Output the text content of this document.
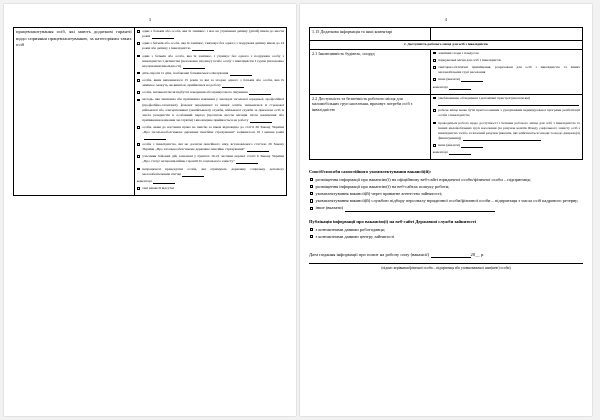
3
працевлаштування осіб, які мають додаткові гарантії щодо сприяння працевлаштуванню, за категоріями таких осіб

один з батьків або особа, яка їх замінює, і має на утриманні дитину (дітей) віком до шести років
один з батьків або особа, яка їх замінює, і виховує без одного з подружжя дитину віком до 14 років або дитину з інвалідністю
один з батьків або особа, яка їх замінює, і утримує без одного з подружжя особу з інвалідністю з дитинства (незалежно від віку) та/або особу з інвалідністю I групи (незалежно від причини інвалідності)
діти-сироти та діти, позбавлені батьківського піклування
особи, яким виповнилося 15 років та які за згодою одного з батьків або особи, яка їх замінює, можуть, як виняток, прийматися на роботу
особи, звільнені після відбуття покарання або примусового лікування
молодь, яка закінчила або припинила навчання у закладах загальної середньої, професійної (професійно-технічної), фахової передвищої та вищої освіти, звільнилася зі строкової військової або альтернативної (невійськової) служби, військової служби за призовом осіб із числа резервістів в особливий період (протягом шести місяців після закінчення або припинення навчання чи служби) і яка вперше приймається на роботу
особи, яким до настання права на пенсію за віком відповідно до статті 26 Закону України „Про загальнообов’язкове державне пенсійне страхування” залишилося 10 і менше років
особи з інвалідністю, які не досягли пенсійного віку, встановленого статтею 26 Закону України „Про загальнообов’язкове державне пенсійне страхування”
учасники бойових дій, зазначені у пунктах 19-21 частини першої статті 6 Закону України „Про статус ветеранів війни, гарантії їх соціального захисту”
непрацюючі працездатні особи, які отримують державну соціальну допомогу малозабезпеченим сім’ям
коментарі
такі вакансії відсутні
4
1.15 Додаткова інформація та інші коментарі	

2. Доступність робочого місця для осіб з інвалідністю	

2.1 Інклюзивність будівель, споруд	зовнішні сходи з пандусом
паркувальні місця для осіб з інвалідністю
санітарно-гігієнічні приміщення, розраховані для осіб з інвалідністю та інших маломобільних груп населення
інше (вказати)
коментарі

2.2 Доступність та безпечність робочого місця для маломобільних груп населення, враховує потреби осіб з інвалідністю

умеблювання, обладнання і допоміжні пристрої (вказати які)
робоче місце може бути пристосованим з урахуванням індивідуальної програми реабілітації особи з інвалідністю
проводиться робота щодо доступності і безпеки робочого місця для осіб з інвалідністю та інших маломобільних груп населення (за рахунок коштів Фонду соціального захисту осіб з інвалідністю та/або за власний рахунок (вказати, які здійснюється заходи та щодо джерела(л) фінансування))
інше (вказати)
коментарі
Спосіб/способи самостійного укомплектування вакансії(й):
розміщення інформації про вакансію(ї) на офіційному веб-сайті юридичної особи/фізичної особи – підприємця;
розміщення інформації про вакансію(ї) на веб-сайтах пошуку роботи;
укомплектування вакансії(й) через приватне агентство зайнятості;
укомплектування вакансії(й) службою підбору персоналу юридичної особи/фізичної особи – підприємця з числа осіб кадрового резерву;
інше (вказати)
Публікація інформації про вакансію(ї) на веб-сайті Державної служби зайнятості
з контактними даними роботодавця;
з контактними даними центру зайнятості
Дата подання інформації про попит на робочу силу (вакансії)	20__ р.
(підпис керівника/фізичної особи – підприємця або уповноваженої ним(нею) особи)
